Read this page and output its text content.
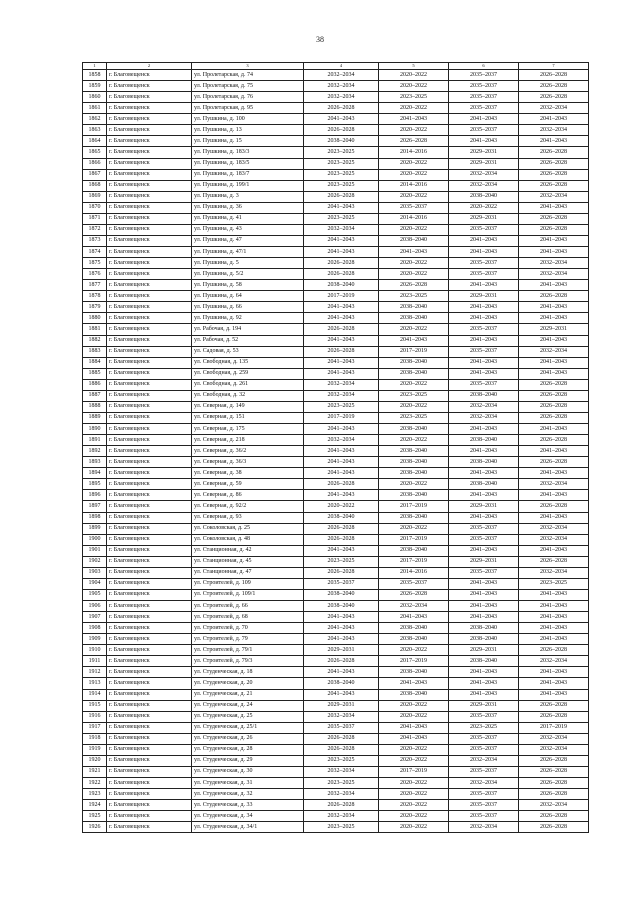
38
1	2	3	4	5	6	7
1858	г. Благовещенск	ул. Пролетарская, д. 74	2032–2034	2020–2022	2035–2037	2026–2028
1859	г. Благовещенск	ул. Пролетарская, д. 75	2032–2034	2020–2022	2035–2037	2026–2028
1860	г. Благовещенск	ул. Пролетарская, д. 76	2032–2034	2023–2025	2035–2037	2026–2028
1861	г. Благовещенск	ул. Пролетарская, д. 95	2026–2028	2020–2022	2035–2037	2032–2034
1862	г. Благовещенск	ул. Пушкина, д. 100	2041–2043	2041–2043	2041–2043	2041–2043
1863	г. Благовещенск	ул. Пушкина, д. 13	2026–2028	2020–2022	2035–2037	2032–2034
1864	г. Благовещенск	ул. Пушкина, д. 15	2038–2040	2026–2028	2041–2043	2041–2043
1865	г. Благовещенск	ул. Пушкина, д. 183/3	2023–2025	2014–2016	2029–2031	2026–2028
1866	г. Благовещенск	ул. Пушкина, д. 183/5	2023–2025	2020–2022	2029–2031	2026–2028
1867	г. Благовещенск	ул. Пушкина, д. 183/7	2023–2025	2020–2022	2032–2034	2026–2028
1868	г. Благовещенск	ул. Пушкина, д. 199/1	2023–2025	2014–2016	2032–2034	2026–2028
1869	г. Благовещенск	ул. Пушкина, д. 3	2026–2028	2020–2022	2038–2040	2032–2034
1870	г. Благовещенск	ул. Пушкина, д. 36	2041–2043	2035–2037	2020–2022	2041–2043
1871	г. Благовещенск	ул. Пушкина, д. 41	2023–2025	2014–2016	2029–2031	2026–2028
1872	г. Благовещенск	ул. Пушкина, д. 43	2032–2034	2020–2022	2035–2037	2026–2028
1873	г. Благовещенск	ул. Пушкина, д. 47	2041–2043	2038–2040	2041–2043	2041–2043
1874	г. Благовещенск	ул. Пушкина, д. 47/1	2041–2043	2041–2043	2041–2043	2041–2043
1875	г. Благовещенск	ул. Пушкина, д. 5	2026–2028	2020–2022	2035–2037	2032–2034
1876	г. Благовещенск	ул. Пушкина, д. 5/2	2026–2028	2020–2022	2035–2037	2032–2034
1877	г. Благовещенск	ул. Пушкина, д. 58	2038–2040	2026–2028	2041–2043	2041–2043
1878	г. Благовещенск	ул. Пушкина, д. 64	2017–2019	2023–2025	2029–2031	2026–2028
1879	г. Благовещенск	ул. Пушкина, д. 66	2041–2043	2038–2040	2041–2043	2041–2043
1880	г. Благовещенск	ул. Пушкина, д. 92	2041–2043	2038–2040	2041–2043	2041–2043
1881	г. Благовещенск	ул. Рабочая, д. 194	2026–2028	2020–2022	2035–2037	2029–2031
1882	г. Благовещенск	ул. Рабочая, д. 52	2041–2043	2041–2043	2041–2043	2041–2043
1883	г. Благовещенск	ул. Садовая, д. 53	2026–2028	2017–2019	2035–2037	2032–2034
1884	г. Благовещенск	ул. Свободная, д. 135	2041–2043	2038–2040	2041–2043	2041–2043
1885	г. Благовещенск	ул. Свободная, д. 259	2041–2043	2038–2040	2041–2043	2041–2043
1886	г. Благовещенск	ул. Свободная, д. 261	2032–2034	2020–2022	2035–2037	2026–2028
1887	г. Благовещенск	ул. Свободная, д. 32	2032–2034	2023–2025	2038–2040	2026–2028
1888	г. Благовещенск	ул. Северная, д. 149	2023–2025	2020–2022	2032–2034	2026–2028
1889	г. Благовещенск	ул. Северная, д. 151	2017–2019	2023–2025	2032–2034	2026–2028
1890	г. Благовещенск	ул. Северная, д. 175	2041–2043	2038–2040	2041–2043	2041–2043
1891	г. Благовещенск	ул. Северная, д. 218	2032–2034	2020–2022	2038–2040	2026–2028
1892	г. Благовещенск	ул. Северная, д. 36/2	2041–2043	2038–2040	2041–2043	2041–2043
1893	г. Благовещенск	ул. Северная, д. 36/3	2041–2043	2038–2040	2038–2040	2026–2028
1894	г. Благовещенск	ул. Северная, д. 38	2041–2043	2038–2040	2041–2043	2041–2043
1895	г. Благовещенск	ул. Северная, д. 59	2026–2028	2020–2022	2038–2040	2032–2034
1896	г. Благовещенск	ул. Северная, д. 86	2041–2043	2038–2040	2041–2043	2041–2043
1897	г. Благовещенск	ул. Северная, д. 92/2	2020–2022	2017–2019	2029–2031	2026–2028
1898	г. Благовещенск	ул. Северная, д. 93	2038–2040	2038–2040	2041–2043	2041–2043
1899	г. Благовещенск	ул. Соколовская, д. 25	2026–2028	2020–2022	2035–2037	2032–2034
1900	г. Благовещенск	ул. Соколовская, д. 48	2026–2028	2017–2019	2035–2037	2032–2034
1901	г. Благовещенск	ул. Станционная, д. 42	2041–2043	2038–2040	2041–2043	2041–2043
1902	г. Благовещенск	ул. Станционная, д. 45	2023–2025	2017–2019	2029–2031	2026–2028
1903	г. Благовещенск	ул. Станционная, д. 47	2026–2028	2014–2016	2035–2037	2032–2034
1904	г. Благовещенск	ул. Строителей, д. 109	2035–2037	2035–2037	2041–2043	2023–2025
1905	г. Благовещенск	ул. Строителей, д. 109/1	2038–2040	2026–2028	2041–2043	2041–2043
1906	г. Благовещенск	ул. Строителей, д. 66	2038–2040	2032–2034	2041–2043	2041–2043
1907	г. Благовещенск	ул. Строителей, д. 68	2041–2043	2041–2043	2041–2043	2041–2043
1908	г. Благовещенск	ул. Строителей, д. 70	2041–2043	2038–2040	2038–2040	2041–2043
1909	г. Благовещенск	ул. Строителей, д. 79	2041–2043	2038–2040	2038–2040	2041–2043
1910	г. Благовещенск	ул. Строителей, д. 79/1	2029–2031	2020–2022	2029–2031	2026–2028
1911	г. Благовещенск	ул. Строителей, д. 79/3	2026–2028	2017–2019	2038–2040	2032–2034
1912	г. Благовещенск	ул. Студенческая, д. 18	2041–2043	2038–2040	2041–2043	2041–2043
1913	г. Благовещенск	ул. Студенческая, д. 20	2038–2040	2041–2043	2041–2043	2041–2043
1914	г. Благовещенск	ул. Студенческая, д. 21	2041–2043	2038–2040	2041–2043	2041–2043
1915	г. Благовещенск	ул. Студенческая, д. 24	2029–2031	2020–2022	2029–2031	2026–2028
1916	г. Благовещенск	ул. Студенческая, д. 25	2032–2034	2020–2022	2035–2037	2026–2028
1917	г. Благовещенск	ул. Студенческая, д. 25/1	2035–2037	2041–2043	2023–2025	2017–2019
1918	г. Благовещенск	ул. Студенческая, д. 26	2026–2028	2041–2043	2035–2037	2032–2034
1919	г. Благовещенск	ул. Студенческая, д. 28	2026–2028	2020–2022	2035–2037	2032–2034
1920	г. Благовещенск	ул. Студенческая, д. 29	2023–2025	2020–2022	2032–2034	2026–2028
1921	г. Благовещенск	ул. Студенческая, д. 30	2032–2034	2017–2019	2035–2037	2026–2028
1922	г. Благовещенск	ул. Студенческая, д. 31	2023–2025	2020–2022	2032–2034	2026–2028
1923	г. Благовещенск	ул. Студенческая, д. 32	2032–2034	2020–2022	2035–2037	2026–2028
1924	г. Благовещенск	ул. Студенческая, д. 33	2026–2028	2020–2022	2035–2037	2032–2034
1925	г. Благовещенск	ул. Студенческая, д. 34	2032–2034	2020–2022	2035–2037	2026–2028
1926	г. Благовещенск	ул. Студенческая, д. 34/1	2023–2025	2020–2022	2032–2034	2026–2028
